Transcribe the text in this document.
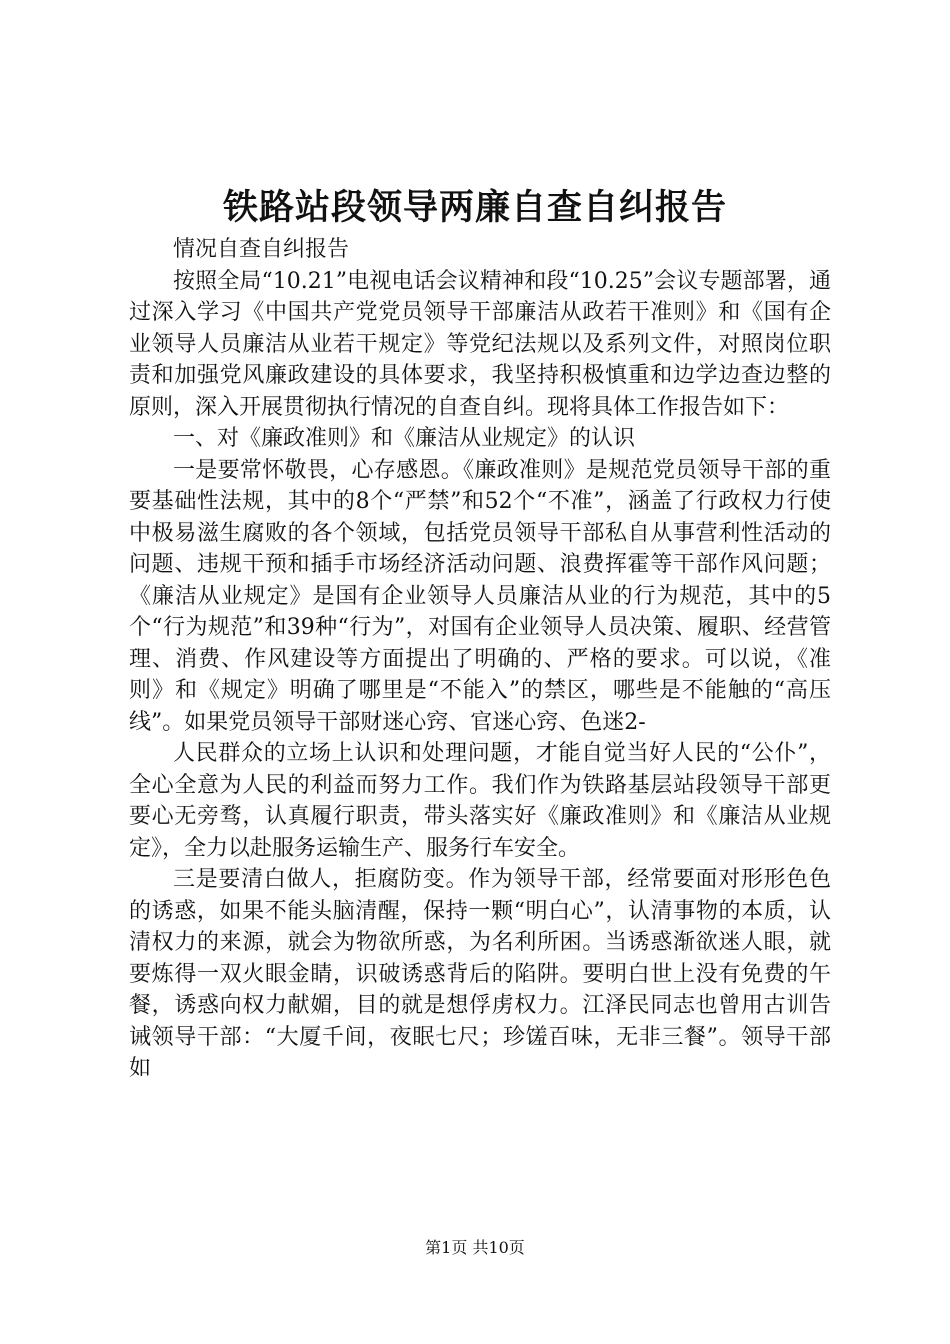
铁路站段领导两廉自查自纠报告

情况自查自纠报告

按照全局“10.21”电视电话会议精神和段“10.25”会议专题部署，通过深入学习《中国共产党党员领导干部廉洁从政若干准则》和《国有企业领导人员廉洁从业若干规定》等党纪法规以及系列文件，对照岗位职责和加强党风廉政建设的具体要求，我坚持积极慎重和边学边查边整的原则，深入开展贯彻执行情况的自查自纠。现将具体工作报告如下：

一、对《廉政准则》和《廉洁从业规定》的认识

一是要常怀敬畏，心存感恩。《廉政准则》是规范党员领导干部的重要基础性法规，其中的8个“严禁”和52个“不准”，涵盖了行政权力行使中极易滋生腐败的各个领域，包括党员领导干部私自从事营利性活动的问题、违规干预和插手市场经济活动问题、浪费挥霍等干部作风问题；《廉洁从业规定》是国有企业领导人员廉洁从业的行为规范，其中的5个“行为规范”和39种“行为”，对国有企业领导人员决策、履职、经营管理、消费、作风建设等方面提出了明确的、严格的要求。可以说，《准则》和《规定》明确了哪里是“不能入”的禁区，哪些是不能触的“高压线”。如果党员领导干部财迷心窍、官迷心窍、色迷2-

人民群众的立场上认识和处理问题，才能自觉当好人民的“公仆”，全心全意为人民的利益而努力工作。我们作为铁路基层站段领导干部更要心无旁骛，认真履行职责，带头落实好《廉政准则》和《廉洁从业规定》，全力以赴服务运输生产、服务行车安全。

三是要清白做人，拒腐防变。作为领导干部，经常要面对形形色色的诱惑，如果不能头脑清醒，保持一颗“明白心”，认清事物的本质，认清权力的来源，就会为物欲所惑，为名利所困。当诱惑渐欲迷人眼，就要炼得一双火眼金睛，识破诱惑背后的陷阱。要明白世上没有免费的午餐，诱惑向权力献媚，目的就是想俘虏权力。江泽民同志也曾用古训告诫领导干部：“大厦千间，夜眠七尺；珍馐百味，无非三餐”。领导干部如

第1页 共10页
